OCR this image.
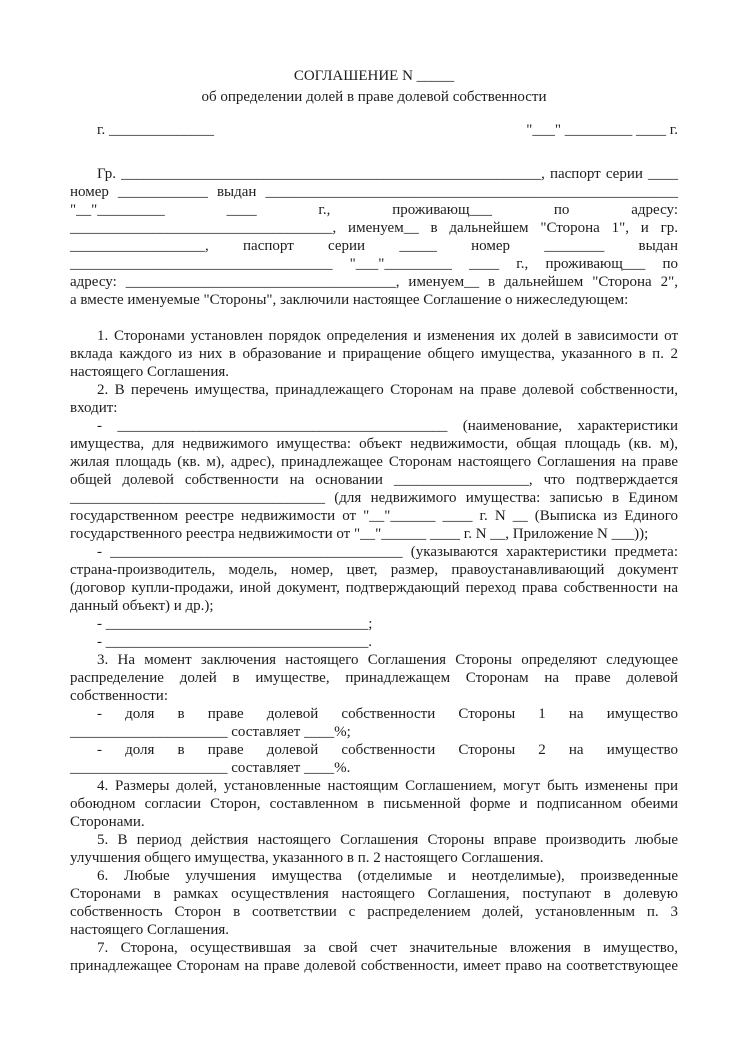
СОГЛАШЕНИЕ N _____
об определении долей в праве долевой собственности
г. ______________	"___" _________ ____ г.
Гр. ________________________________________________________, паспорт серии ____
номер ____________ выдан _______________________________________________________
"__"_________ ____ г., проживающ___ по адресу:
___________________________________, именуем__ в дальнейшем "Сторона 1", и гр.
__________________, паспорт серии _____ номер ________ выдан
___________________________________ "___"_________ ____ г., проживающ___ по
адресу: ____________________________________, именуем__ в дальнейшем "Сторона 2",
а вместе именуемые "Стороны", заключили настоящее Соглашение о нижеследующем:
1. Сторонами установлен порядок определения и изменения их долей в зависимости от
вклада каждого из них в образование и приращение общего имущества, указанного в п. 2
настоящего Соглашения.
2. В перечень имущества, принадлежащего Сторонам на праве долевой собственности,
входит:
- ____________________________________________ (наименование, характеристики
имущества, для недвижимого имущества: объект недвижимости, общая площадь (кв. м),
жилая площадь (кв. м), адрес), принадлежащее Сторонам настоящего Соглашения на праве
общей долевой собственности на основании __________________, что подтверждается
__________________________________ (для недвижимого имущества: записью в Едином
государственном реестре недвижимости от "__"______ ____ г. N __ (Выписка из Единого
государственного реестра недвижимости от "__"______ ____ г. N __, Приложение N ___));
- _______________________________________ (указываются характеристики предмета:
страна-производитель, модель, номер, цвет, размер, правоустанавливающий документ
(договор купли-продажи, иной документ, подтверждающий переход права собственности на
данный объект) и др.);
- ___________________________________;
- ___________________________________.
3. На момент заключения настоящего Соглашения Стороны определяют следующее
распределение долей в имуществе, принадлежащем Сторонам на праве долевой
собственности:
- доля в праве долевой собственности Стороны 1 на имущество
_____________________ составляет ____%;
- доля в праве долевой собственности Стороны 2 на имущество
_____________________ составляет ____%.
4. Размеры долей, установленные настоящим Соглашением, могут быть изменены при
обоюдном согласии Сторон, составленном в письменной форме и подписанном обеими
Сторонами.
5. В период действия настоящего Соглашения Стороны вправе производить любые
улучшения общего имущества, указанного в п. 2 настоящего Соглашения.
6. Любые улучшения имущества (отделимые и неотделимые), произведенные
Сторонами в рамках осуществления настоящего Соглашения, поступают в долевую
собственность Сторон в соответствии с распределением долей, установленным п. 3
настоящего Соглашения.
7. Сторона, осуществившая за свой счет значительные вложения в имущество,
принадлежащее Сторонам на праве долевой собственности, имеет право на соответствующее
